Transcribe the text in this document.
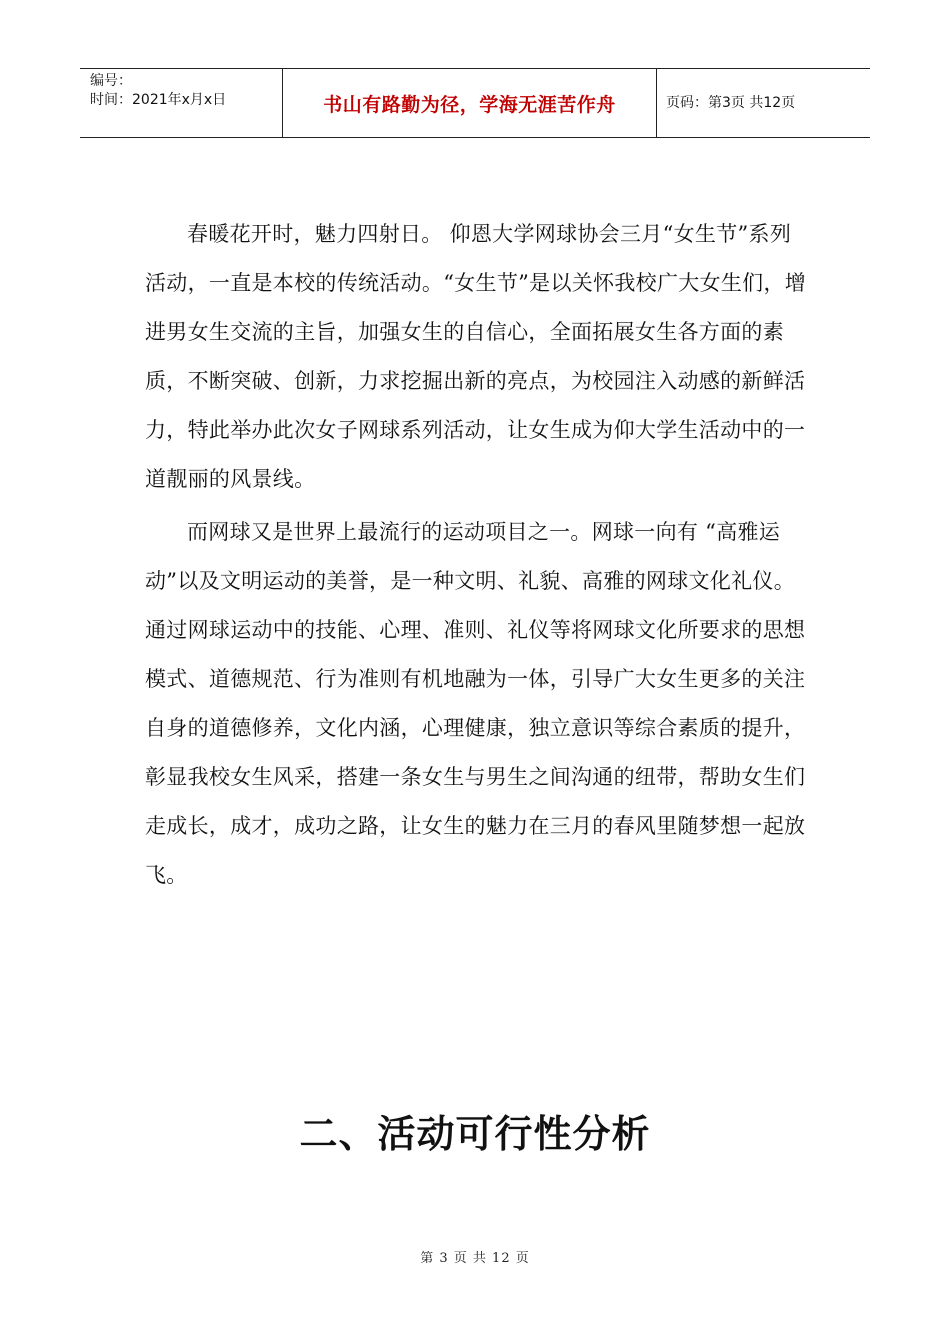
编号：
时间：2021年x月x日	书山有路勤为径，学海无涯苦作舟	页码：第3页 共12页
春暖花开时，魅力四射日。 仰恩大学网球协会三月“女生节”系列活动，一直是本校的传统活动。“女生节”是以关怀我校广大女生们，增进男女生交流的主旨，加强女生的自信心，全面拓展女生各方面的素质，不断突破、创新，力求挖掘出新的亮点，为校园注入动感的新鲜活力，特此举办此次女子网球系列活动，让女生成为仰大学生活动中的一道靓丽的风景线。
而网球又是世界上最流行的运动项目之一。网球一向有 “高雅运动”以及文明运动的美誉，是一种文明、礼貌、高雅的网球文化礼仪。通过网球运动中的技能、心理、准则、礼仪等将网球文化所要求的思想模式、道德规范、行为准则有机地融为一体，引导广大女生更多的关注自身的道德修养，文化内涵，心理健康，独立意识等综合素质的提升，彰显我校女生风采，搭建一条女生与男生之间沟通的纽带，帮助女生们走成长，成才，成功之路，让女生的魅力在三月的春风里随梦想一起放飞。
二、活动可行性分析
第 3 页 共 12 页
